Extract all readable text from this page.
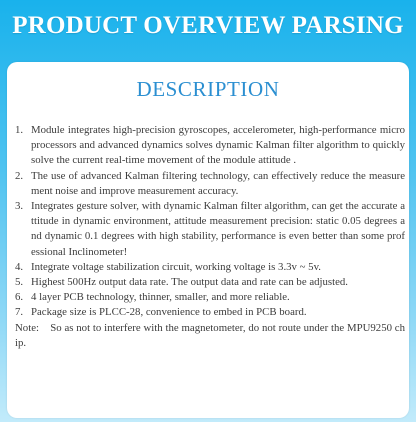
PRODUCT OVERVIEW PARSING
DESCRIPTION
1. Module integrates high-precision gyroscopes, accelerometer, high-performance microprocessors and advanced dynamics solves dynamic Kalman filter algorithm to quickly solve the current real-time movement of the module attitude .
2. The use of advanced Kalman filtering technology, can effectively reduce the measurement noise and improve measurement accuracy.
3. Integrates gesture solver, with dynamic Kalman filter algorithm, can get the accurate attitude in dynamic environment, attitude measurement precision: static 0.05 degrees and dynamic 0.1 degrees with high stability, performance is even better than some professional Inclinometer!
4. Integrate voltage stabilization circuit, working voltage is 3.3v ~ 5v.
5. Highest 500Hz output data rate. The output data and rate can be adjusted.
6. 4 layer PCB technology, thinner, smaller, and more reliable.
7. Package size is PLCC-28, convenience to embed in PCB board.
Note:    So as not to interfere with the magnetometer, do not route under the MPU9250 chip.
